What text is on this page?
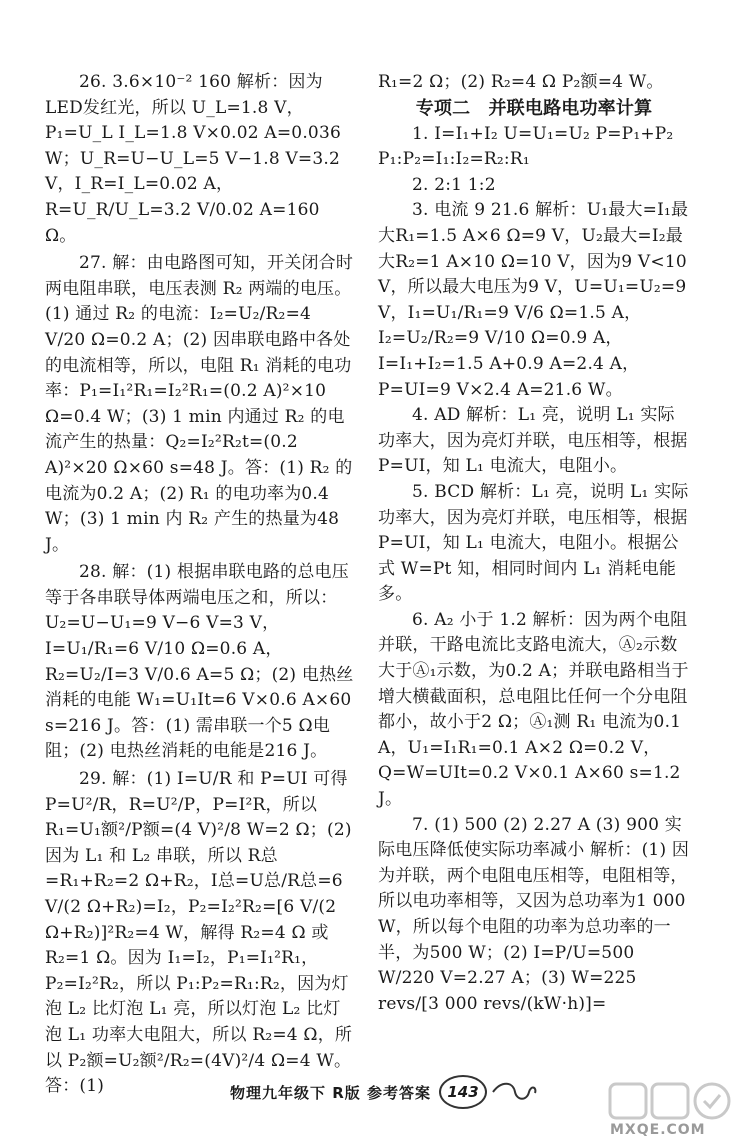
26. 3.6×10⁻² 160 解析：因为LED发红光，所以 U_L=1.8 V，P₁=U_L I_L=1.8 V×0.02 A=0.036 W；U_R=U−U_L=5 V−1.8 V=3.2 V，I_R=I_L=0.02 A，R=U_R/U_L=3.2 V/0.02 A=160 Ω。

27. 解：由电路图可知，开关闭合时两电阻串联，电压表测 R₂ 两端的电压。(1) 通过 R₂ 的电流：I₂=U₂/R₂=4 V/20 Ω=0.2 A；(2) 因串联电路中各处的电流相等，所以，电阻 R₁ 消耗的电功率：P₁=I₁²R₁=I₂²R₁=(0.2 A)²×10 Ω=0.4 W；(3) 1 min 内通过 R₂ 的电流产生的热量：Q₂=I₂²R₂t=(0.2 A)²×20 Ω×60 s=48 J。答：(1) R₂ 的电流为0.2 A；(2) R₁ 的电功率为0.4 W；(3) 1 min 内 R₂ 产生的热量为48 J。

28. 解：(1) 根据串联电路的总电压等于各串联导体两端电压之和，所以：U₂=U−U₁=9 V−6 V=3 V，I=U₁/R₁=6 V/10 Ω=0.6 A，R₂=U₂/I=3 V/0.6 A=5 Ω；(2) 电热丝消耗的电能 W₁=U₁It=6 V×0.6 A×60 s=216 J。答：(1) 需串联一个5 Ω电阻；(2) 电热丝消耗的电能是216 J。

29. 解：(1) I=U/R 和 P=UI 可得 P=U²/R，R=U²/P，P=I²R，所以 R₁=U₁额²/P额=(4 V)²/8 W=2 Ω；(2) 因为 L₁ 和 L₂ 串联，所以 R总=R₁+R₂=2 Ω+R₂，I总=U总/R总=6 V/(2 Ω+R₂)=I₂，P₂=I₂²R₂=[6 V/(2 Ω+R₂)]²R₂=4 W，解得 R₂=4 Ω 或 R₂=1 Ω。因为 I₁=I₂，P₁=I₁²R₁，P₂=I₂²R₂，所以 P₁:P₂=R₁:R₂，因为灯泡 L₂ 比灯泡 L₁ 亮，所以灯泡 L₂ 比灯泡 L₁ 功率大电阻大，所以 R₂=4 Ω，所以 P₂额=U₂额²/R₂=(4V)²/4 Ω=4 W。答：(1)

R₁=2 Ω；(2) R₂=4 Ω P₂额=4 W。

专项二　并联电路电功率计算

1. I=I₁+I₂ U=U₁=U₂ P=P₁+P₂ P₁:P₂=I₁:I₂=R₂:R₁

2. 2:1 1:2

3. 电流 9 21.6 解析：U₁最大=I₁最大R₁=1.5 A×6 Ω=9 V，U₂最大=I₂最大R₂=1 A×10 Ω=10 V，因为9 V<10 V，所以最大电压为9 V，U=U₁=U₂=9 V，I₁=U₁/R₁=9 V/6 Ω=1.5 A，I₂=U₂/R₂=9 V/10 Ω=0.9 A，I=I₁+I₂=1.5 A+0.9 A=2.4 A，P=UI=9 V×2.4 A=21.6 W。

4. AD 解析：L₁ 亮，说明 L₁ 实际功率大，因为亮灯并联，电压相等，根据 P=UI，知 L₁ 电流大，电阻小。

5. BCD 解析：L₁ 亮，说明 L₁ 实际功率大，因为亮灯并联，电压相等，根据 P=UI，知 L₁ 电流大，电阻小。根据公式 W=Pt 知，相同时间内 L₁ 消耗电能多。

6. A₂ 小于 1.2 解析：因为两个电阻并联，干路电流比支路电流大，Ⓐ₂示数大于Ⓐ₁示数，为0.2 A；并联电路相当于增大横截面积，总电阻比任何一个分电阻都小，故小于2 Ω；Ⓐ₁测 R₁ 电流为0.1 A，U₁=I₁R₁=0.1 A×2 Ω=0.2 V，Q=W=UIt=0.2 V×0.1 A×60 s=1.2 J。

7. (1) 500 (2) 2.27 A (3) 900 实际电压降低使实际功率减小 解析：(1) 因为并联，两个电阻电压相等，电阻相等，所以电功率相等，又因为总功率为1 000 W，所以每个电阻的功率为总功率的一半，为500 W；(2) I=P/U=500 W/220 V=2.27 A；(3) W=225 revs/[3 000 revs/(kW·h)]=

物理九年级下 R版 参考答案	143
MXQE.COM
